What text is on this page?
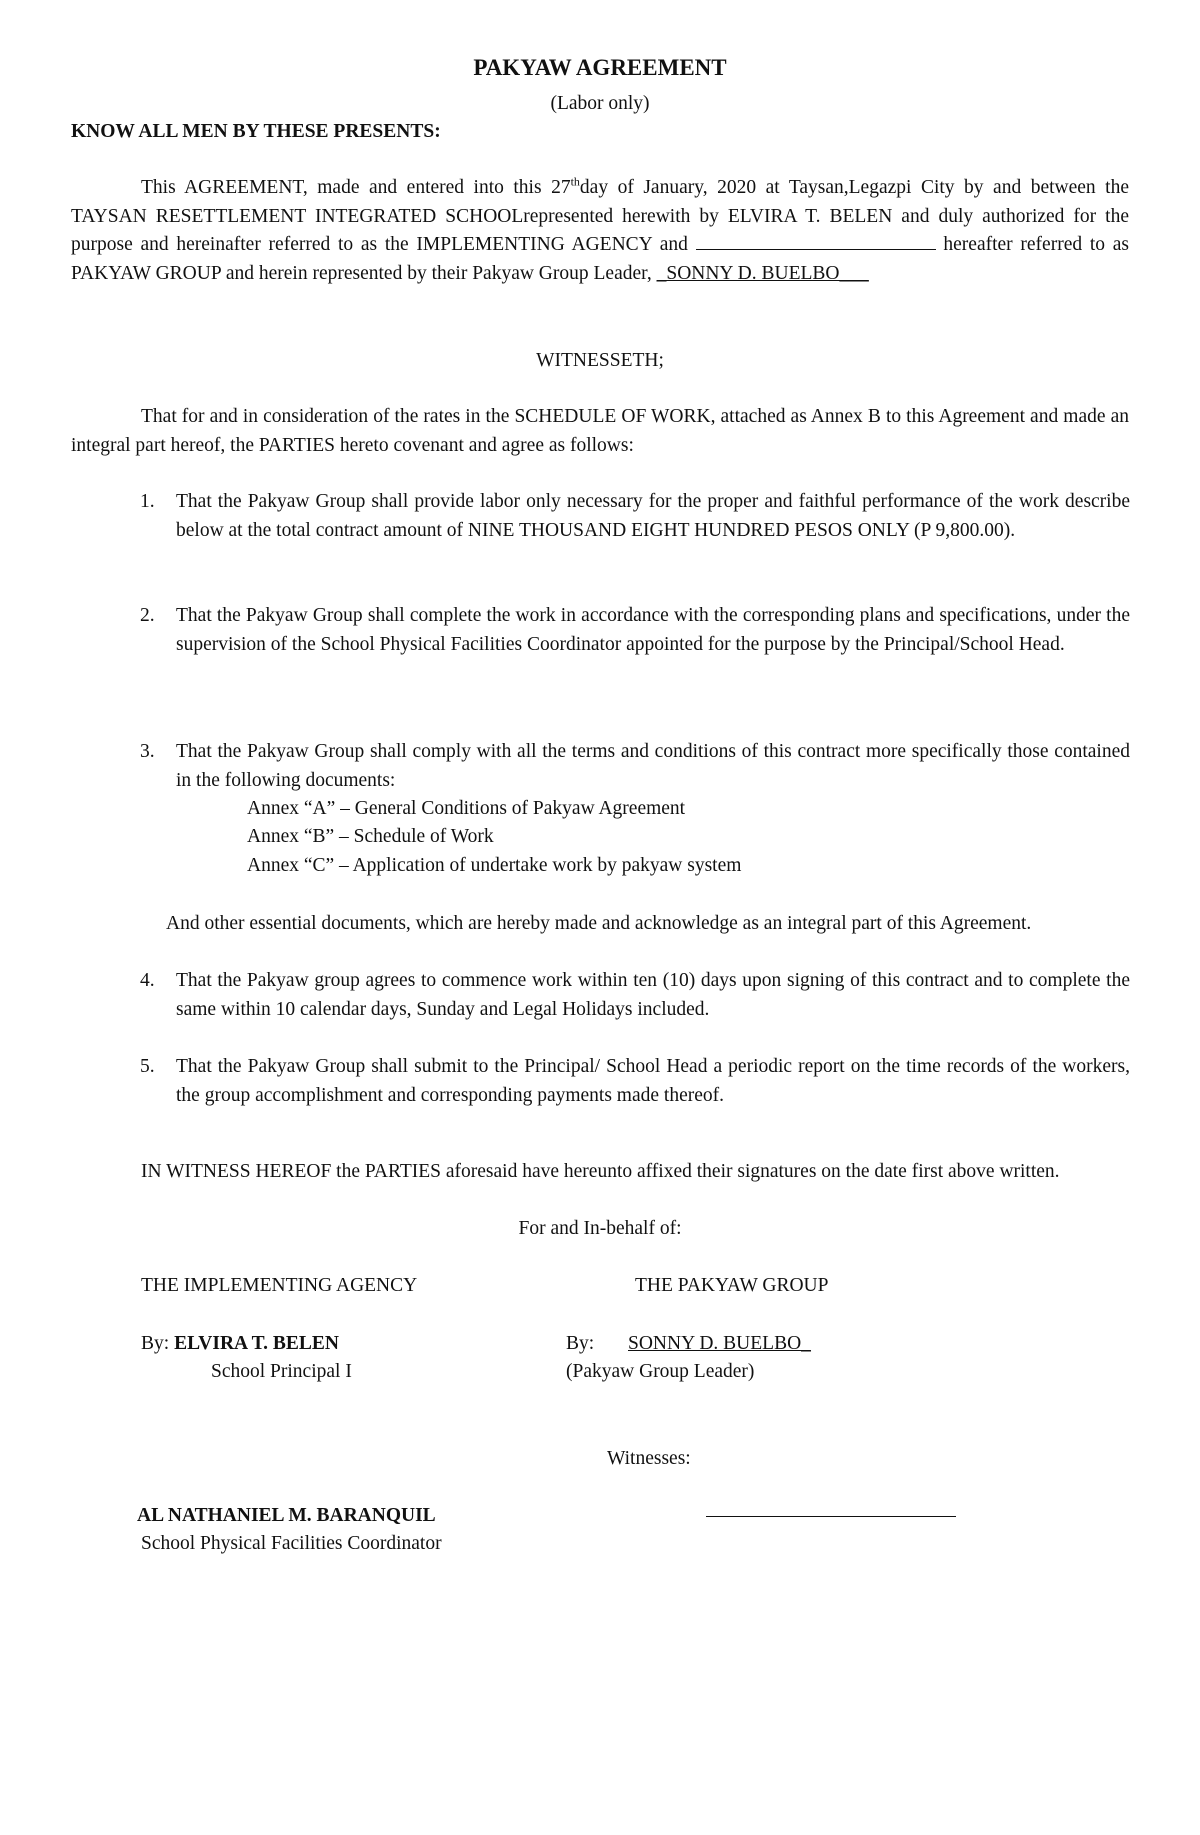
PAKYAW AGREEMENT
(Labor only)
KNOW ALL MEN BY THESE PRESENTS:

This AGREEMENT, made and entered into this 27thday of January, 2020 at Taysan,Legazpi City by and between the TAYSAN RESETTLEMENT INTEGRATED SCHOOLrepresented herewith by ELVIRA T. BELEN and duly authorized for the purpose and hereinafter referred to as the IMPLEMENTING AGENCY and	hereafter referred to as PAKYAW GROUP and herein represented by their Pakyaw Group Leader, _SONNY D. BUELBO___

WITNESSETH;

That for and in consideration of the rates in the SCHEDULE OF WORK, attached as Annex B to this Agreement and made an integral part hereof, the PARTIES hereto covenant and agree as follows:

1.	That the Pakyaw Group shall provide labor only necessary for the proper and faithful performance of the work describe below at the total contract amount of NINE THOUSAND EIGHT HUNDRED PESOS ONLY (P 9,800.00).
2.	That the Pakyaw Group shall complete the work in accordance with the corresponding plans and specifications, under the supervision of the School Physical Facilities Coordinator appointed for the purpose by the Principal/School Head.
3.	That the Pakyaw Group shall comply with all the terms and conditions of this contract more specifically those contained in the following documents:
Annex “A” – General Conditions of Pakyaw Agreement
Annex “B” – Schedule of Work
Annex “C” – Application of undertake work by pakyaw system
And other essential documents, which are hereby made and acknowledge as an integral part of this Agreement.
4.	That the Pakyaw group agrees to commence work within ten (10) days upon signing of this contract and to complete the same within 10 calendar days, Sunday and Legal Holidays included.
5.	That the Pakyaw Group shall submit to the Principal/ School Head a periodic report on the time records of the workers, the group accomplishment and corresponding payments made thereof.

IN WITNESS HEREOF the PARTIES aforesaid have hereunto affixed their signatures on the date first above written.

For and In-behalf of:
THE IMPLEMENTING AGENCY	THE PAKYAW GROUP
By: ELVIRA T. BELEN
School Principal I
By: SONNY D. BUELBO_
(Pakyaw Group Leader)
Witnesses:
AL NATHANIEL M. BARANQUIL
School Physical Facilities Coordinator
